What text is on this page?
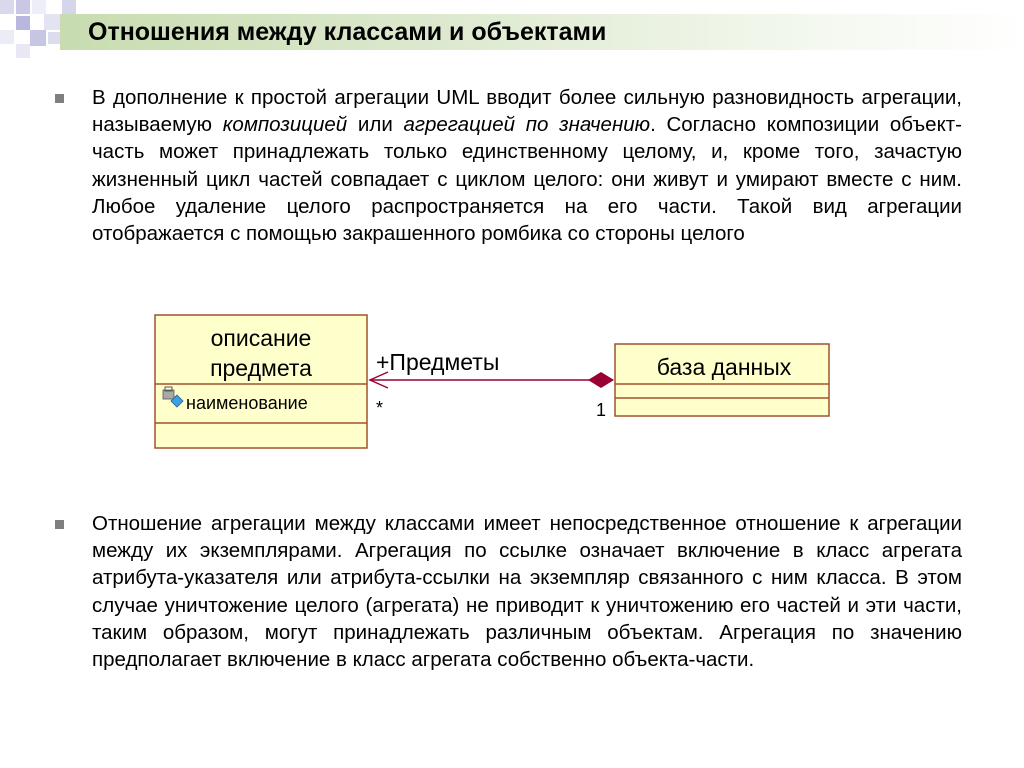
Отношения между классами и объектами
В дополнение к простой агрегации UML вводит более сильную разновидность агрегации, называемую композицией или агрегацией по значению. Согласно композиции объект-часть может принадлежать только единственному целому, и, кроме того, зачастую жизненный цикл частей совпадает с циклом целого: они живут и умирают вместе с ним. Любое удаление целого распространяется на его части. Такой вид агрегации отображается с помощью закрашенного ромбика со стороны целого
описание
предмета
наименование
+Предметы
*	1
база данных
Отношение агрегации между классами имеет непосредственное отношение к агрегации между их экземплярами. Агрегация по ссылке означает включение в класс агрегата атрибута-указателя или атрибута-ссылки на экземпляр связанного с ним класса. В этом случае уничтожение целого (агрегата) не приводит к уничтожению его частей и эти части, таким образом, могут принадлежать различным объектам. Агрегация по значению предполагает включение в класс агрегата собственно объекта-части.
